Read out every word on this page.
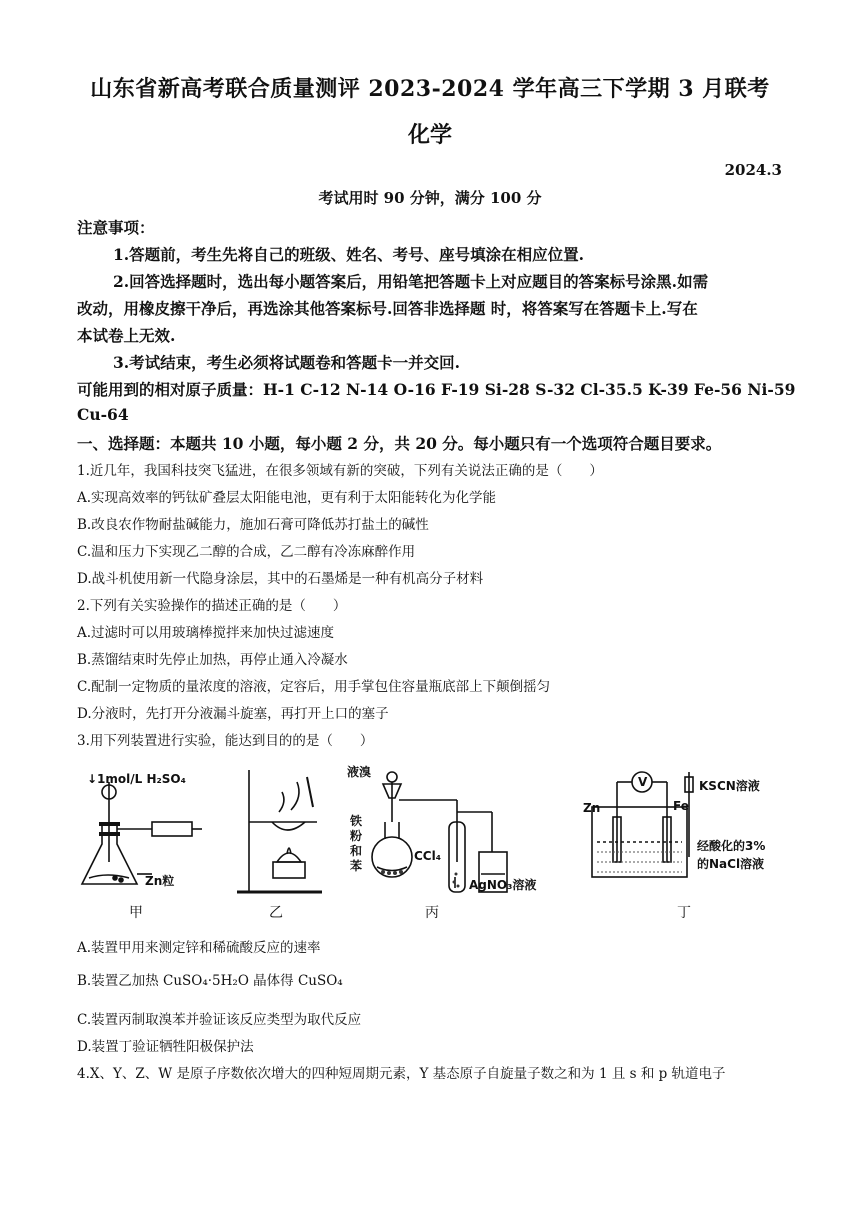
山东省新高考联合质量测评 2023-2024 学年高三下学期 3 月联考
化学
2024.3
考试用时 90 分钟，满分 100 分
注意事项：
1.答题前，考生先将自己的班级、姓名、考号、座号填涂在相应位置.
2.回答选择题时，选出每小题答案后，用铅笔把答题卡上对应题目的答案标号涂黑.如需
改动，用橡皮擦干净后，再选涂其他答案标号.回答非选择题 时，将答案写在答题卡上.写在
本试卷上无效.
3.考试结束，考生必须将试题卷和答题卡一并交回.
可能用到的相对原子质量：H-1 C-12 N-14 O-16 F-19 Si-28 S-32 Cl-35.5 K-39 Fe-56 Ni-59
Cu-64
一、选择题：本题共 10 小题，每小题 2 分，共 20 分。每小题只有一个选项符合题目要求。
1.近几年，我国科技突飞猛进，在很多领域有新的突破，下列有关说法正确的是（　　）
A.实现高效率的钙钛矿叠层太阳能电池，更有利于太阳能转化为化学能
B.改良农作物耐盐碱能力，施加石膏可降低苏打盐土的碱性
C.温和压力下实现乙二醇的合成，乙二醇有冷冻麻醉作用
D.战斗机使用新一代隐身涂层，其中的石墨烯是一种有机高分子材料
2.下列有关实验操作的描述正确的是（　　）
A.过滤时可以用玻璃棒搅拌来加快过滤速度
B.蒸馏结束时先停止加热，再停止通入冷凝水
C.配制一定物质的量浓度的溶液，定容后，用手掌包住容量瓶底部上下颠倒摇匀
D.分液时，先打开分液漏斗旋塞，再打开上口的塞子
3.用下列装置进行实验，能达到目的的是（　　）
↓1mol/L H₂SO₄
Zn粒
液溴
铁
粉
和
苯
CCl₄
AgNO₃溶液
V	KSCN溶液
Zn	Fe
经酸化的3%
的NaCl溶液
甲	乙	丙	丁
A.装置甲用来测定锌和稀硫酸反应的速率
B.装置乙加热 CuSO₄·5H₂O 晶体得 CuSO₄
C.装置丙制取溴苯并验证该反应类型为取代反应
D.装置丁验证牺牲阳极保护法
4.X、Y、Z、W 是原子序数依次增大的四种短周期元素，Y 基态原子自旋量子数之和为 1 且 s 和 p 轨道电子
